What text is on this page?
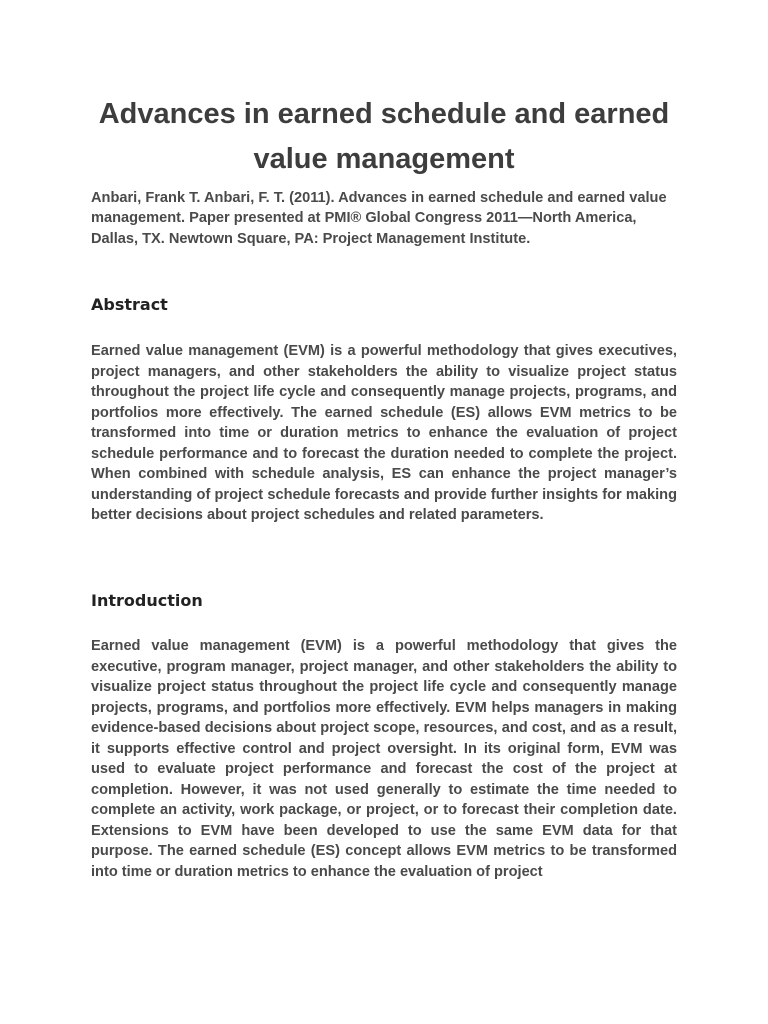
Advances in earned schedule and earned value management

Anbari, Frank T. Anbari, F. T. (2011). Advances in earned schedule and earned value management. Paper presented at PMI® Global Congress 2011—North America, Dallas, TX. Newtown Square, PA: Project Management Institute.

Abstract

Earned value management (EVM) is a powerful methodology that gives executives, project managers, and other stakeholders the ability to visualize project status throughout the project life cycle and consequently manage projects, programs, and portfolios more effectively. The earned schedule (ES) allows EVM metrics to be transformed into time or duration metrics to enhance the evaluation of project schedule performance and to forecast the duration needed to complete the project. When combined with schedule analysis, ES can enhance the project manager’s understanding of project schedule forecasts and provide further insights for making better decisions about project schedules and related parameters.

Introduction

Earned value management (EVM) is a powerful methodology that gives the executive, program manager, project manager, and other stakeholders the ability to visualize project status throughout the project life cycle and consequently manage projects, programs, and portfolios more effectively. EVM helps managers in making evidence-based decisions about project scope, resources, and cost, and as a result, it supports effective control and project oversight. In its original form, EVM was used to evaluate project performance and forecast the cost of the project at completion. However, it was not used generally to estimate the time needed to complete an activity, work package, or project, or to forecast their completion date. Extensions to EVM have been developed to use the same EVM data for that purpose. The earned schedule (ES) concept allows EVM metrics to be transformed into time or duration metrics to enhance the evaluation of project
